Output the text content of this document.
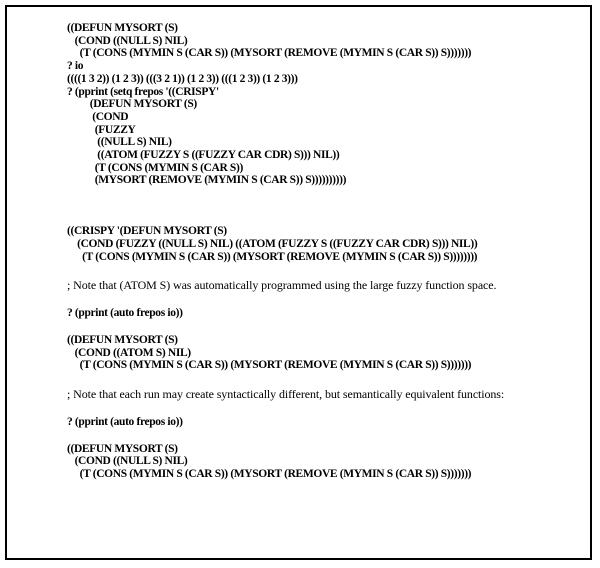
((DEFUN MYSORT (S)
(COND ((NULL S) NIL)
(T (CONS (MYMIN S (CAR S)) (MYSORT (REMOVE (MYMIN S (CAR S)) S)))))))
? io
((((1 3 2)) (1 2 3)) (((3 2 1)) (1 2 3)) (((1 2 3)) (1 2 3)))
? (pprint (setq frepos '((CRISPY'
(DEFUN MYSORT (S)
(COND
(FUZZY
((NULL S) NIL)
((ATOM (FUZZY S ((FUZZY CAR CDR) S))) NIL))
(T (CONS (MYMIN S (CAR S))
(MYSORT (REMOVE (MYMIN S (CAR S)) S))))))))))
((CRISPY '(DEFUN MYSORT (S)
(COND (FUZZY ((NULL S) NIL) ((ATOM (FUZZY S ((FUZZY CAR CDR) S))) NIL))
(T (CONS (MYMIN S (CAR S)) (MYSORT (REMOVE (MYMIN S (CAR S)) S))))))))
; Note that (ATOM S) was automatically programmed using the large fuzzy function space.
? (pprint (auto frepos io))
((DEFUN MYSORT (S)
(COND ((ATOM S) NIL)
(T (CONS (MYMIN S (CAR S)) (MYSORT (REMOVE (MYMIN S (CAR S)) S)))))))
; Note that each run may create syntactically different, but semantically equivalent functions:
? (pprint (auto frepos io))
((DEFUN MYSORT (S)
(COND ((NULL S) NIL)
(T (CONS (MYMIN S (CAR S)) (MYSORT (REMOVE (MYMIN S (CAR S)) S)))))))
